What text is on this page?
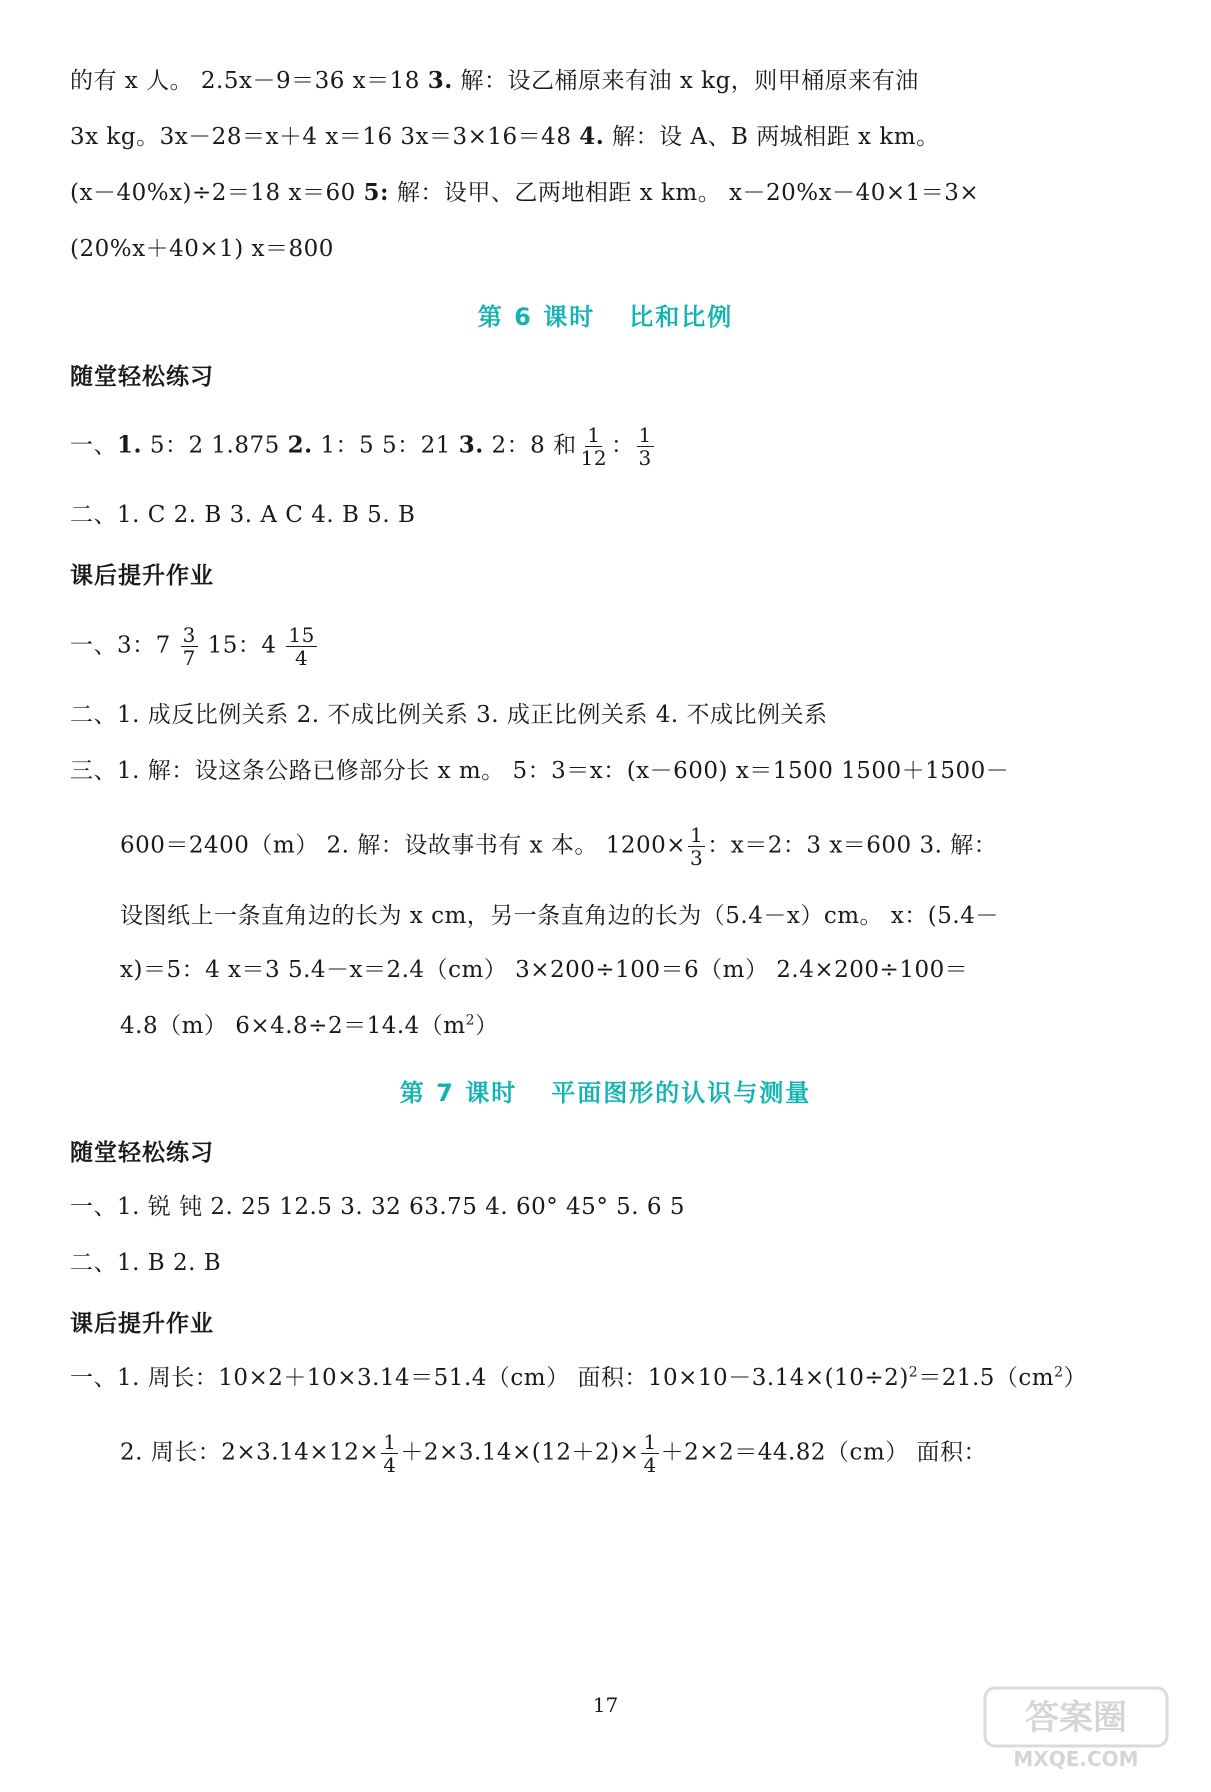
的有 x 人。 2.5x－9＝36 x＝18 3. 解：设乙桶原来有油 x kg，则甲桶原来有油
3x kg。3x－28＝x＋4 x＝16 3x＝3×16＝48 4. 解：设 A、B 两城相距 x km。
(x－40%x)÷2＝18 x＝60 5: 解：设甲、乙两地相距 x km。 x－20%x－40×1＝3×
(20%x＋40×1) x＝800
第 6 课时 比和比例
随堂轻松练习
一、1. 5：2 1.875 2. 1：5 5：21 3. 2：8 和 $\frac{1}{12}$ ： $\frac{1}{3}$
二、1. C 2. B 3. A C 4. B 5. B
课后提升作业
一、3：$7 \frac{3}{7} 15$：$4 \frac{15}{4}$
二、1. 成反比例关系 2. 不成比例关系 3. 成正比例关系 4. 不成比例关系
三、1. 解：设这条公路已修部分长 x m。 5：3＝x：(x－600) x＝1500 1500＋1500－
600＝2400（m） 2. 解：设故事书有 x 本。 $1200\times \frac{1}{3}$ ：x＝2：3 x＝600 3. 解：
设图纸上一条直角边的长为 x cm，另一条直角边的长为（5.4－x）cm。 x：(5.4－
x)＝5：4 x＝3 5.4－x＝2.4（cm） 3×200÷100＝6（m） 2.4×200÷100＝
4.8（m） $6\times 4.8\div 2=14.4(m^2)$
第 7 课时 平面图形的认识与测量
随堂轻松练习
一、1. 锐 钝 2. 25 12.5 3. 32 63.75 4. 60° 45° 5. 6 5
二、1. B 2. B
课后提升作业
一、1. 周长：10×2＋10×3.14＝51.4（cm） 面积：$10\times 10-3.14\times(10\div 2)^2=21.5(cm^2)$
2. 周长：$2\times 3.14\times 12\times \frac{1}{4} +2\times 3.14\times(12+2)\times \frac{1}{4} +2\times 2=44.82(cm)$ 面积：
17	答案圈
MXQE.COM
